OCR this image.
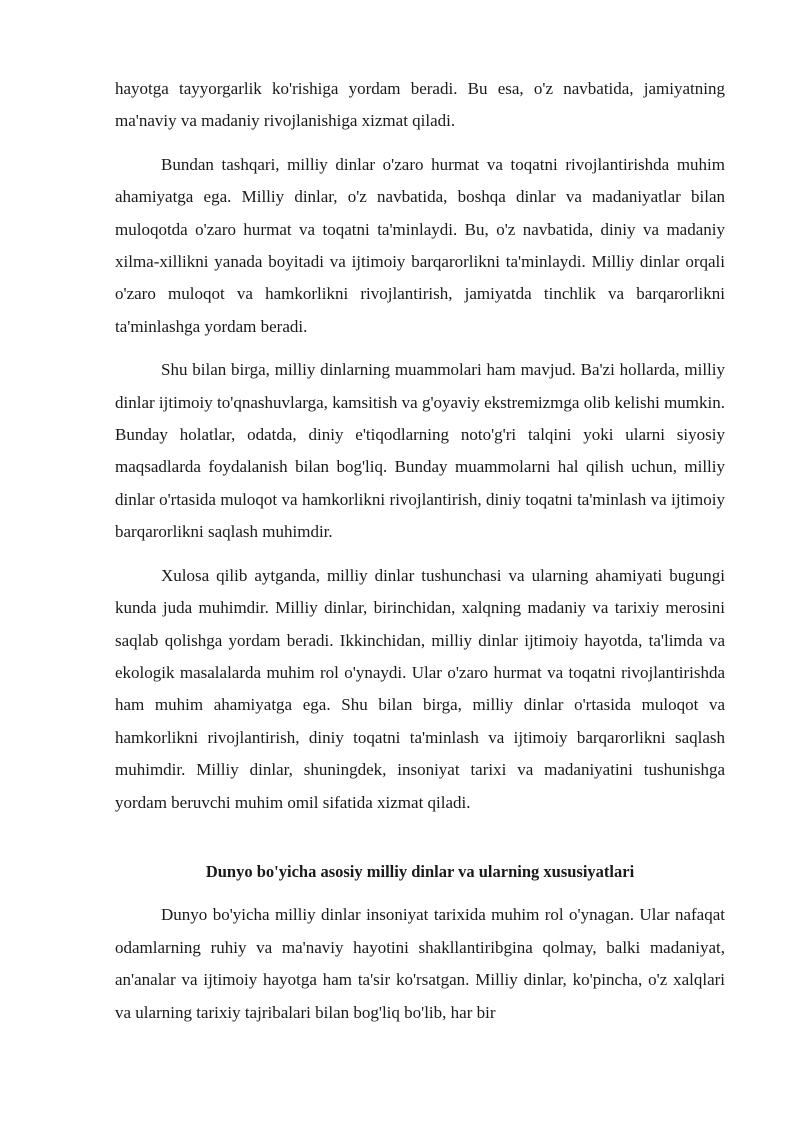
hayotga tayyorgarlik ko'rishiga yordam beradi. Bu esa, o'z navbatida, jamiyatning ma'naviy va madaniy rivojlanishiga xizmat qiladi.

Bundan tashqari, milliy dinlar o'zaro hurmat va toqatni rivojlantirishda muhim ahamiyatga ega. Milliy dinlar, o'z navbatida, boshqa dinlar va madaniyatlar bilan muloqotda o'zaro hurmat va toqatni ta'minlaydi. Bu, o'z navbatida, diniy va madaniy xilma-xillikni yanada boyitadi va ijtimoiy barqarorlikni ta'minlaydi. Milliy dinlar orqali o'zaro muloqot va hamkorlikni rivojlantirish, jamiyatda tinchlik va barqarorlikni ta'minlashga yordam beradi.

Shu bilan birga, milliy dinlarning muammolari ham mavjud. Ba'zi hollarda, milliy dinlar ijtimoiy to'qnashuvlarga, kamsitish va g'oyaviy ekstremizmga olib kelishi mumkin. Bunday holatlar, odatda, diniy e'tiqodlarning noto'g'ri talqini yoki ularni siyosiy maqsadlarda foydalanish bilan bog'liq. Bunday muammolarni hal qilish uchun, milliy dinlar o'rtasida muloqot va hamkorlikni rivojlantirish, diniy toqatni ta'minlash va ijtimoiy barqarorlikni saqlash muhimdir.

Xulosa qilib aytganda, milliy dinlar tushunchasi va ularning ahamiyati bugungi kunda juda muhimdir. Milliy dinlar, birinchidan, xalqning madaniy va tarixiy merosini saqlab qolishga yordam beradi. Ikkinchidan, milliy dinlar ijtimoiy hayotda, ta'limda va ekologik masalalarda muhim rol o'ynaydi. Ular o'zaro hurmat va toqatni rivojlantirishda ham muhim ahamiyatga ega. Shu bilan birga, milliy dinlar o'rtasida muloqot va hamkorlikni rivojlantirish, diniy toqatni ta'minlash va ijtimoiy barqarorlikni saqlash muhimdir. Milliy dinlar, shuningdek, insoniyat tarixi va madaniyatini tushunishga yordam beruvchi muhim omil sifatida xizmat qiladi.

Dunyo bo'yicha asosiy milliy dinlar va ularning xususiyatlari

Dunyo bo'yicha milliy dinlar insoniyat tarixida muhim rol o'ynagan. Ular nafaqat odamlarning ruhiy va ma'naviy hayotini shakllantiribgina qolmay, balki madaniyat, an'analar va ijtimoiy hayotga ham ta'sir ko'rsatgan. Milliy dinlar, ko'pincha, o'z xalqlari va ularning tarixiy tajribalari bilan bog'liq bo'lib, har bir
